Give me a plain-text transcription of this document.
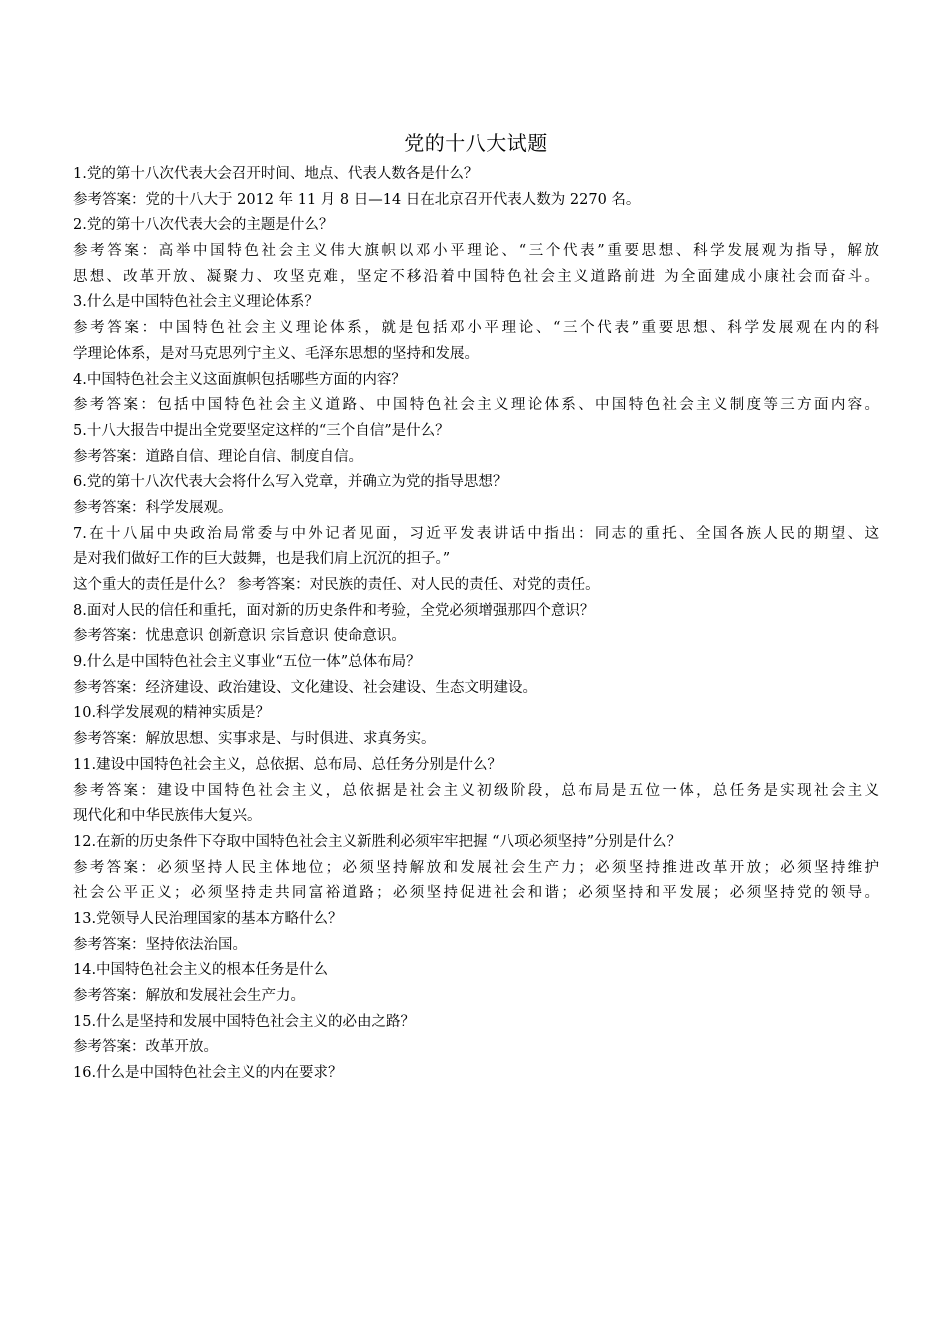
党的十八大试题
1.党的第十八次代表大会召开时间、地点、代表人数各是什么？
参考答案：党的十八大于 2012 年 11 月 8 日—14 日在北京召开代表人数为 2270 名。
2.党的第十八次代表大会的主题是什么？
参考答案：高举中国特色社会主义伟大旗帜以邓小平理论、“三个代表”重要思想、科学发展观为指导，解放
思想、改革开放、凝聚力、攻坚克难，坚定不移沿着中国特色社会主义道路前进 为全面建成小康社会而奋斗。
3.什么是中国特色社会主义理论体系？
参考答案：中国特色社会主义理论体系，就是包括邓小平理论、“三个代表”重要思想、科学发展观在内的科
学理论体系，是对马克思列宁主义、毛泽东思想的坚持和发展。
4.中国特色社会主义这面旗帜包括哪些方面的内容？
参考答案：包括中国特色社会主义道路、中国特色社会主义理论体系、中国特色社会主义制度等三方面内容。
5.十八大报告中提出全党要坚定这样的“三个自信”是什么？
参考答案：道路自信、理论自信、制度自信。
6.党的第十八次代表大会将什么写入党章，并确立为党的指导思想？
参考答案：科学发展观。
7.在十八届中央政治局常委与中外记者见面，习近平发表讲话中指出：同志的重托、全国各族人民的期望、这
是对我们做好工作的巨大鼓舞，也是我们肩上沉沉的担子。”
这个重大的责任是什么？ 参考答案：对民族的责任、对人民的责任、对党的责任。
8.面对人民的信任和重托，面对新的历史条件和考验，全党必须增强那四个意识？
参考答案：忧患意识 创新意识 宗旨意识 使命意识。
9.什么是中国特色社会主义事业“五位一体”总体布局？
参考答案：经济建设、政治建设、文化建设、社会建设、生态文明建设。
10.科学发展观的精神实质是？
参考答案：解放思想、实事求是、与时俱进、求真务实。
11.建设中国特色社会主义，总依据、总布局、总任务分别是什么？
参考答案：建设中国特色社会主义，总依据是社会主义初级阶段，总布局是五位一体，总任务是实现社会主义
现代化和中华民族伟大复兴。
12.在新的历史条件下夺取中国特色社会主义新胜利必须牢牢把握 “八项必须坚持”分别是什么？
参考答案：必须坚持人民主体地位；必须坚持解放和发展社会生产力；必须坚持推进改革开放；必须坚持维护
社会公平正义；必须坚持走共同富裕道路；必须坚持促进社会和谐；必须坚持和平发展；必须坚持党的领导。
13.党领导人民治理国家的基本方略什么？
参考答案：坚持依法治国。
14.中国特色社会主义的根本任务是什么
参考答案：解放和发展社会生产力。
15.什么是坚持和发展中国特色社会主义的必由之路？
参考答案：改革开放。
16.什么是中国特色社会主义的内在要求？
